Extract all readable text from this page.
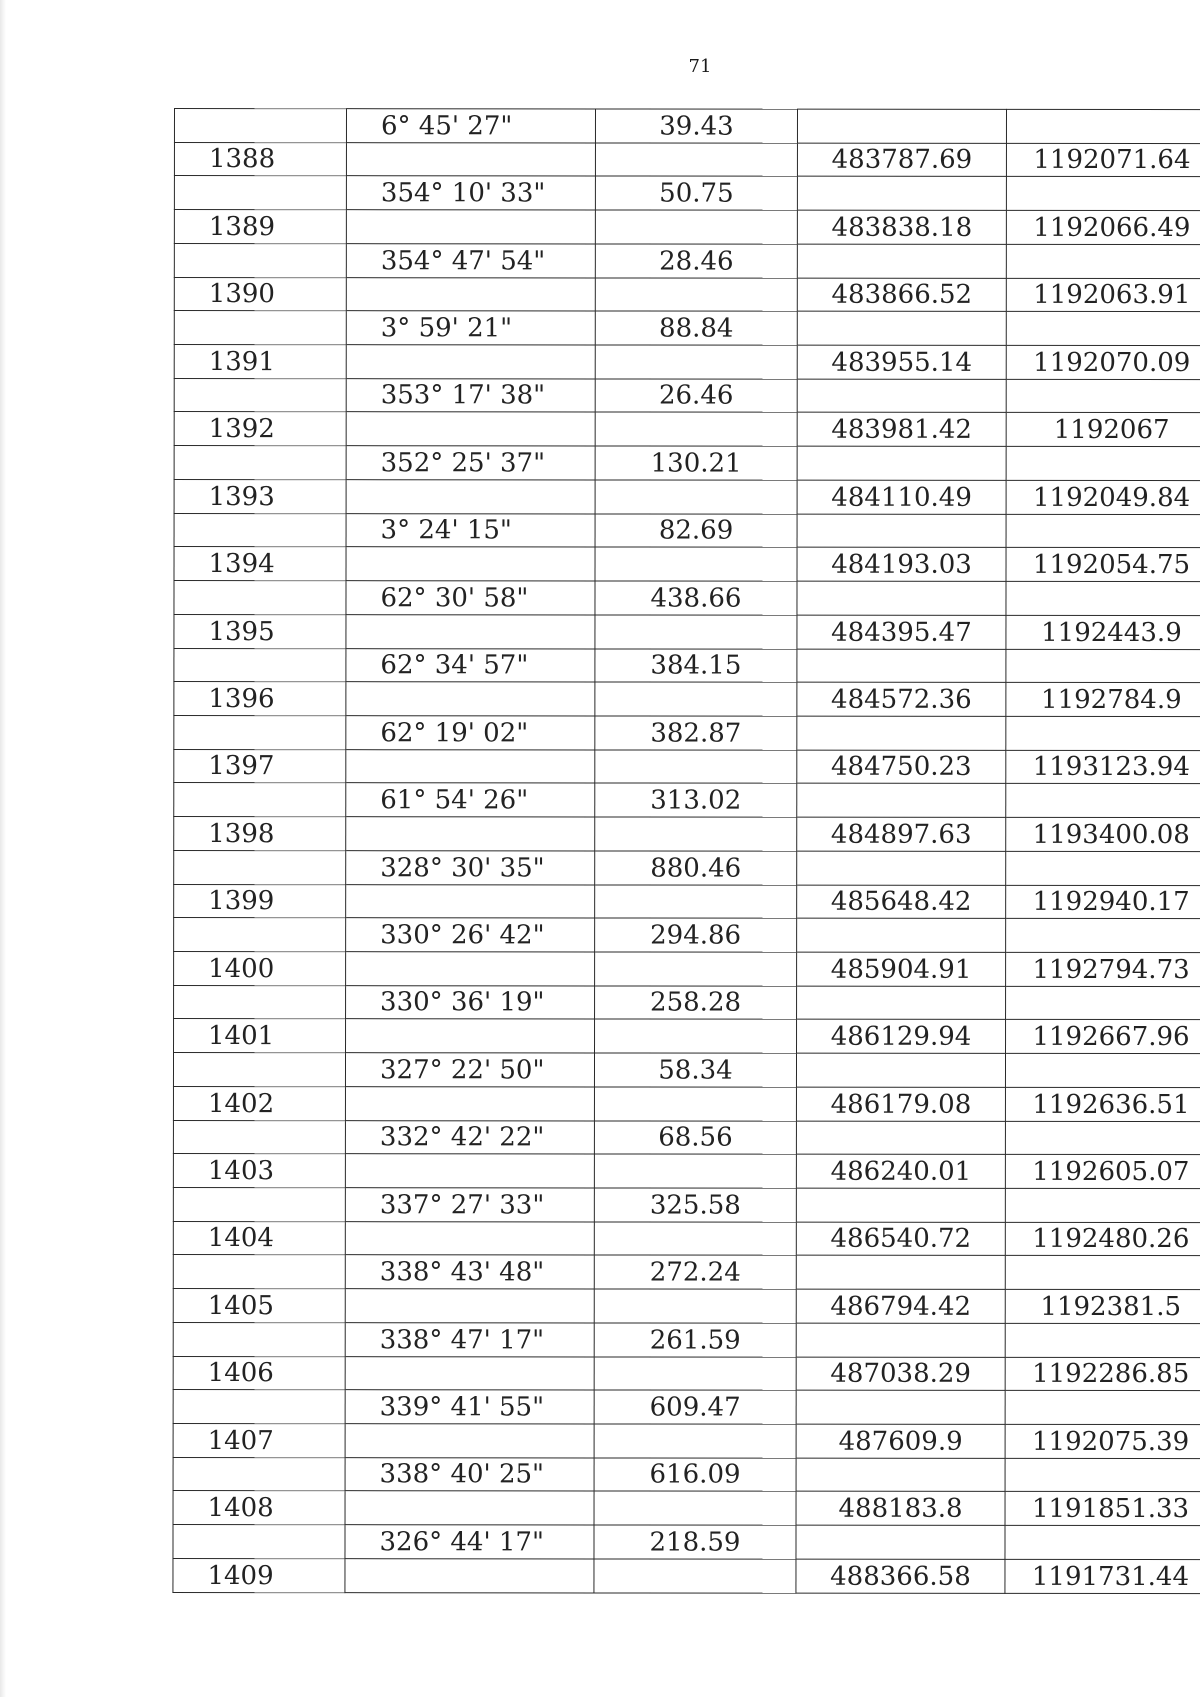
71
	6° 45' 27"	39.43		
1388			483787.69	1192071.64
	354° 10' 33"	50.75		
1389			483838.18	1192066.49
	354° 47' 54"	28.46		
1390			483866.52	1192063.91
	3° 59' 21"	88.84		
1391			483955.14	1192070.09
	353° 17' 38"	26.46		
1392			483981.42	1192067
	352° 25' 37"	130.21		
1393			484110.49	1192049.84
	3° 24' 15"	82.69		
1394			484193.03	1192054.75
	62° 30' 58"	438.66		
1395			484395.47	1192443.9
	62° 34' 57"	384.15		
1396			484572.36	1192784.9
	62° 19' 02"	382.87		
1397			484750.23	1193123.94
	61° 54' 26"	313.02		
1398			484897.63	1193400.08
	328° 30' 35"	880.46		
1399			485648.42	1192940.17
	330° 26' 42"	294.86		
1400			485904.91	1192794.73
	330° 36' 19"	258.28		
1401			486129.94	1192667.96
	327° 22' 50"	58.34		
1402			486179.08	1192636.51
	332° 42' 22"	68.56		
1403			486240.01	1192605.07
	337° 27' 33"	325.58		
1404			486540.72	1192480.26
	338° 43' 48"	272.24		
1405			486794.42	1192381.5
	338° 47' 17"	261.59		
1406			487038.29	1192286.85
	339° 41' 55"	609.47		
1407			487609.9	1192075.39
	338° 40' 25"	616.09		
1408			488183.8	1191851.33
	326° 44' 17"	218.59		
1409			488366.58	1191731.44
